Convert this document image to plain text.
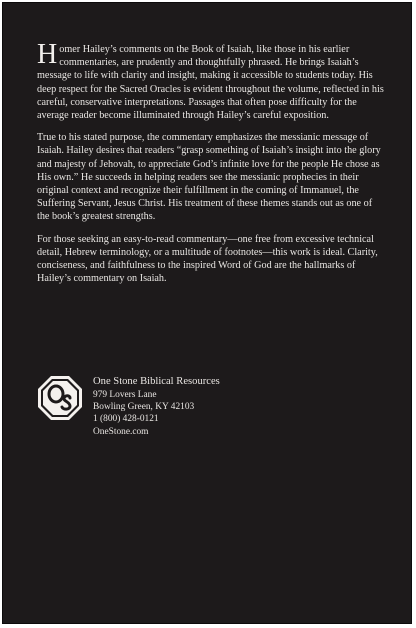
Homer Hailey’s comments on the Book of Isaiah, like those in his earlier commentaries, are prudently and thoughtfully phrased. He brings Isaiah’s message to life with clarity and insight, making it accessible to students today. His deep respect for the Sacred Oracles is evident throughout the volume, reflected in his careful, conservative interpretations. Passages that often pose difficulty for the average reader become illuminated through Hailey’s careful exposition.

True to his stated purpose, the commentary emphasizes the messianic message of Isaiah. Hailey desires that readers “grasp something of Isaiah’s insight into the glory and majesty of Jehovah, to appreciate God’s infinite love for the people He chose as His own.” He succeeds in helping readers see the messianic prophecies in their original context and recognize their fulfillment in the coming of Immanuel, the Suffering Servant, Jesus Christ. His treatment of these themes stands out as one of the book’s greatest strengths.

For those seeking an easy-to-read commentary—one free from excessive technical detail, Hebrew terminology, or a multitude of footnotes—this work is ideal. Clarity, conciseness, and faithfulness to the inspired Word of God are the hallmarks of Hailey’s commentary on Isaiah.

One Stone Biblical Resources
979 Lovers Lane
Bowling Green, KY 42103
1 (800) 428-0121
OneStone.com
